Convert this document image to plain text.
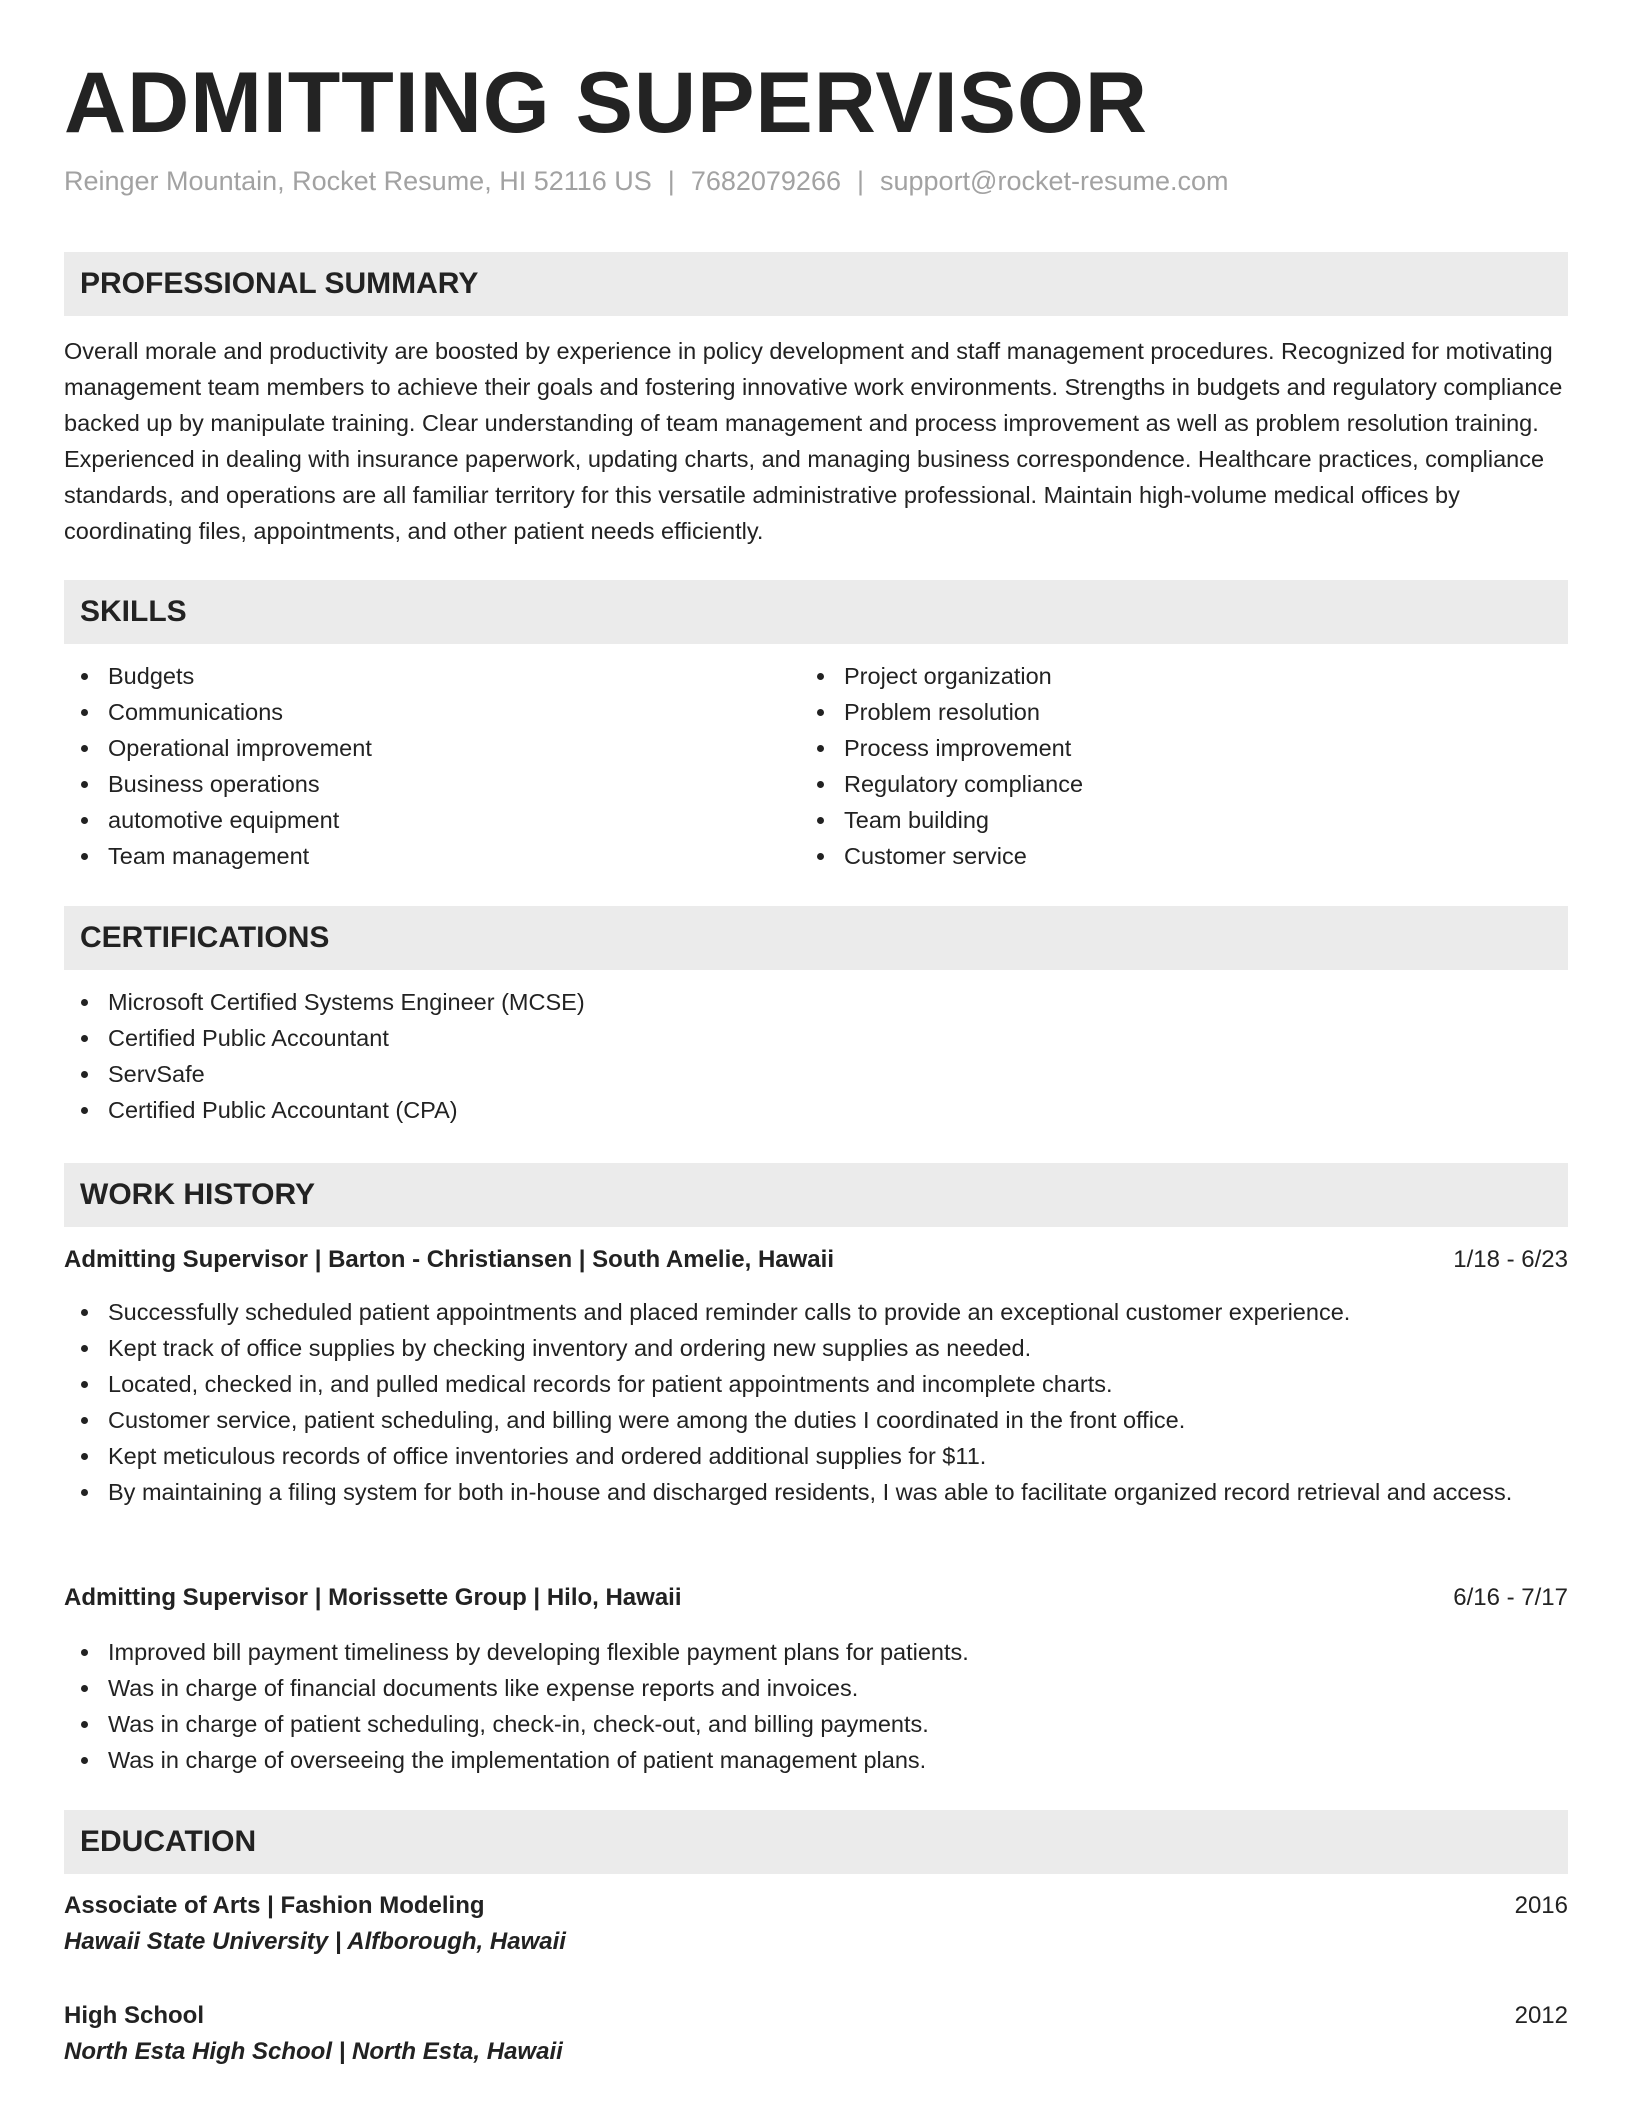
ADMITTING SUPERVISOR
Reinger Mountain, Rocket Resume, HI 52116 US | 7682079266 | support@rocket-resume.com
PROFESSIONAL SUMMARY

Overall morale and productivity are boosted by experience in policy development and staff management procedures. Recognized for motivating management team members to achieve their goals and fostering innovative work environments. Strengths in budgets and regulatory compliance backed up by manipulate training. Clear understanding of team management and process improvement as well as problem resolution training. Experienced in dealing with insurance paperwork, updating charts, and managing business correspondence. Healthcare practices, compliance standards, and operations are all familiar territory for this versatile administrative professional. Maintain high-volume medical offices by coordinating files, appointments, and other patient needs efficiently.

SKILLS
Budgets
Communications
Operational improvement
Business operations
automotive equipment
Team management
Project organization
Problem resolution
Process improvement
Regulatory compliance
Team building
Customer service
CERTIFICATIONS
Microsoft Certified Systems Engineer (MCSE)
Certified Public Accountant
ServSafe
Certified Public Accountant (CPA)
WORK HISTORY
Admitting Supervisor | Barton - Christiansen | South Amelie, Hawaii	1/18 - 6/23
Successfully scheduled patient appointments and placed reminder calls to provide an exceptional customer experience.
Kept track of office supplies by checking inventory and ordering new supplies as needed.
Located, checked in, and pulled medical records for patient appointments and incomplete charts.
Customer service, patient scheduling, and billing were among the duties I coordinated in the front office.
Kept meticulous records of office inventories and ordered additional supplies for $11.
By maintaining a filing system for both in-house and discharged residents, I was able to facilitate organized record retrieval and access.
Admitting Supervisor | Morissette Group | Hilo, Hawaii	6/16 - 7/17
Improved bill payment timeliness by developing flexible payment plans for patients.
Was in charge of financial documents like expense reports and invoices.
Was in charge of patient scheduling, check-in, check-out, and billing payments.
Was in charge of overseeing the implementation of patient management plans.
EDUCATION
Associate of Arts | Fashion Modeling	2016
Hawaii State University | Alfborough, Hawaii
High School	2012
North Esta High School | North Esta, Hawaii
